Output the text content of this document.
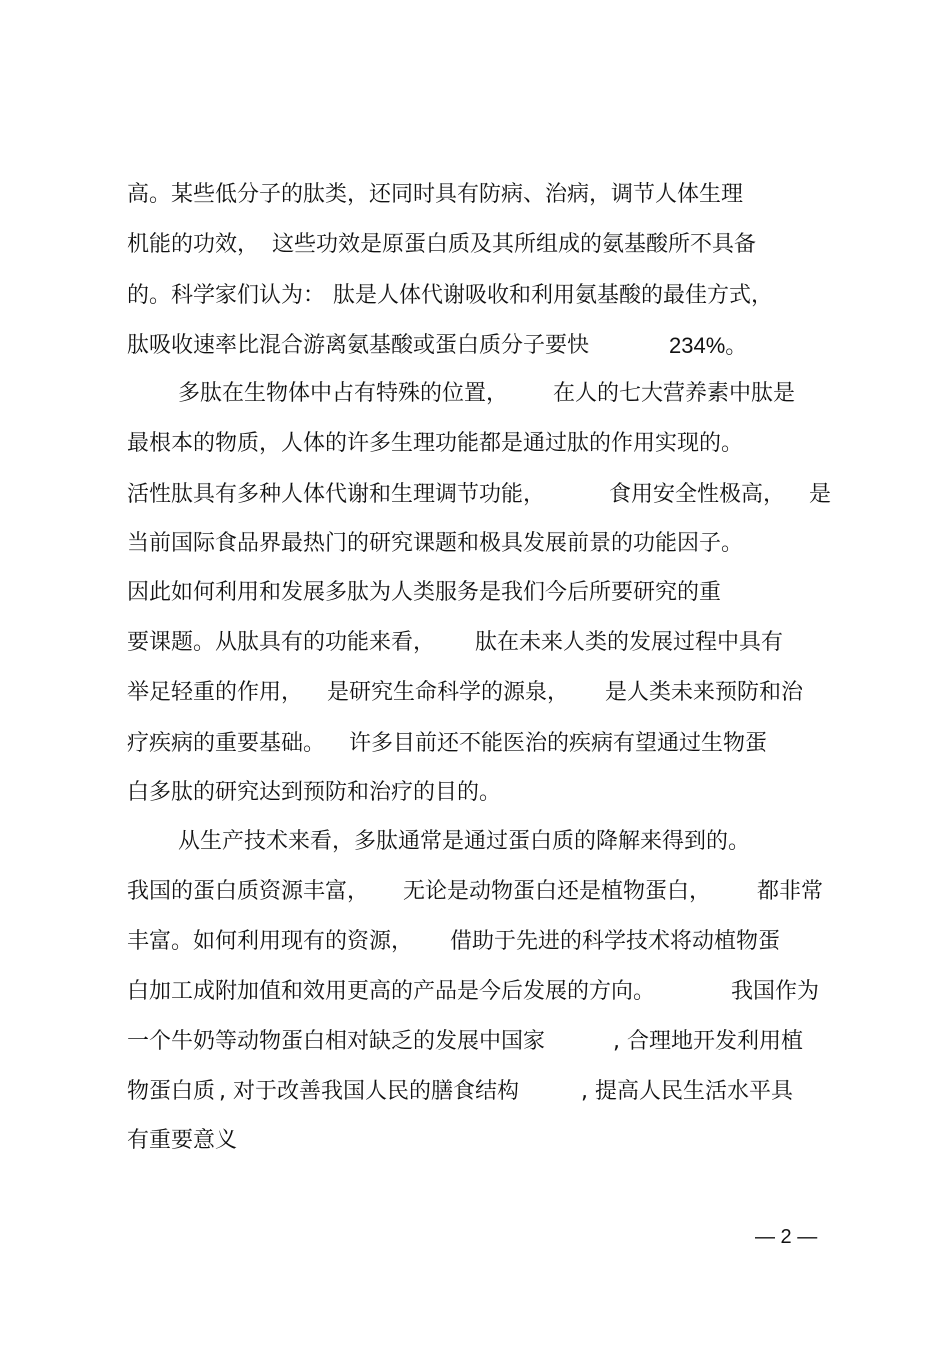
高。某些低分子的肽类，还同时具有防病、治病，调节人体生理
机能的功效， 这些功效是原蛋白质及其所组成的氨基酸所不具备
的。科学家们认为： 肽是人体代谢吸收和利用氨基酸的最佳方式，
肽吸收速率比混合游离氨基酸或蛋白质分子要快	234%。
多肽在生物体中占有特殊的位置， 在人的七大营养素中肽是
最根本的物质，人体的许多生理功能都是通过肽的作用实现的。
活性肽具有多种人体代谢和生理调节功能，	食用安全性极高， 是
当前国际食品界最热门的研究课题和极具发展前景的功能因子。
因此如何利用和发展多肽为人类服务是我们今后所要研究的重
要课题。从肽具有的功能来看， 肽在未来人类的发展过程中具有
举足轻重的作用， 是研究生命科学的源泉， 是人类未来预防和治
疗疾病的重要基础。 许多目前还不能医治的疾病有望通过生物蛋
白多肽的研究达到预防和治疗的目的。
从生产技术来看，多肽通常是通过蛋白质的降解来得到的。
我国的蛋白质资源丰富， 无论是动物蛋白还是植物蛋白， 都非常
丰富。如何利用现有的资源， 借助于先进的科学技术将动植物蛋
白加工成附加值和效用更高的产品是今后发展的方向。	我国作为
一个牛奶等动物蛋白相对缺乏的发展中国家	, 合理地开发利用植
物蛋白质 , 对于改善我国人民的膳食结构	, 提高人民生活水平具
有重要意义
— 2 —
